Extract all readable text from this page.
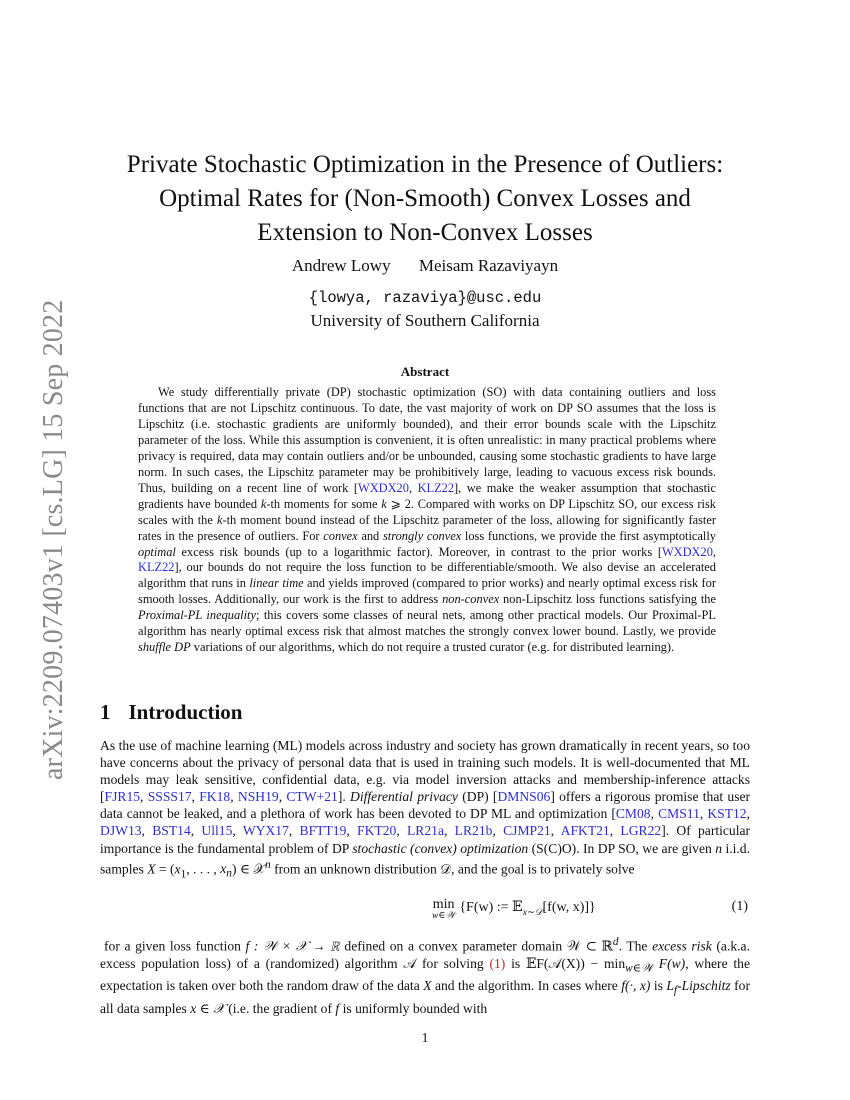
arXiv:2209.07403v1 [cs.LG] 15 Sep 2022
Private Stochastic Optimization in the Presence of Outliers:
Optimal Rates for (Non-Smooth) Convex Losses and
Extension to Non-Convex Losses
Andrew Lowy Meisam Razaviyayn
{lowya, razaviya}@usc.edu
University of Southern California
Abstract
We study differentially private (DP) stochastic optimization (SO) with data containing outliers and loss functions that are not Lipschitz continuous. To date, the vast majority of work on DP SO assumes that the loss is Lipschitz (i.e. stochastic gradients are uniformly bounded), and their error bounds scale with the Lipschitz parameter of the loss. While this assumption is convenient, it is often unrealistic: in many practical problems where privacy is required, data may contain outliers and/or be unbounded, causing some stochastic gradients to have large norm. In such cases, the Lipschitz parameter may be prohibitively large, leading to vacuous excess risk bounds. Thus, building on a recent line of work [WXDX20, KLZ22], we make the weaker assumption that stochastic gradients have bounded k-th moments for some k ⩾ 2. Compared with works on DP Lipschitz SO, our excess risk scales with the k-th moment bound instead of the Lipschitz parameter of the loss, allowing for significantly faster rates in the presence of outliers. For convex and strongly convex loss functions, we provide the first asymptotically optimal excess risk bounds (up to a logarithmic factor). Moreover, in contrast to the prior works [WXDX20, KLZ22], our bounds do not require the loss function to be differentiable/smooth. We also devise an accelerated algorithm that runs in linear time and yields improved (compared to prior works) and nearly optimal excess risk for smooth losses. Additionally, our work is the first to address non-convex non-Lipschitz loss functions satisfying the Proximal-PL inequality; this covers some classes of neural nets, among other practical models. Our Proximal-PL algorithm has nearly optimal excess risk that almost matches the strongly convex lower bound. Lastly, we provide shuffle DP variations of our algorithms, which do not require a trusted curator (e.g. for distributed learning).
1 Introduction
As the use of machine learning (ML) models across industry and society has grown dramatically in recent years, so too have concerns about the privacy of personal data that is used in training such models. It is well-documented that ML models may leak sensitive, confidential data, e.g. via model inversion attacks and membership-inference attacks [FJR15, SSSS17, FK18, NSH19, CTW+21]. Differential privacy (DP) [DMNS06] offers a rigorous promise that user data cannot be leaked, and a plethora of work has been devoted to DP ML and optimization [CM08, CMS11, KST12, DJW13, BST14, Ull15, WYX17, BFTT19, FKT20, LR21a, LR21b, CJMP21, AFKT21, LGR22]. Of particular importance is the fundamental problem of DP stochastic (convex) optimization (S(C)O). In DP SO, we are given n i.i.d. samples $X = (x_1$, . . . , $x_n$) ∈ 𝒳$^n$ from an unknown distribution 𝒟, and the goal is to privately solve
min
w∈𝒲
{F(w) := 𝔼$_{x\sim 𝒟}$[f(w, x)]}	(1)
for a given loss function f : 𝒲 × 𝒳 → ℝ defined on a convex parameter domain 𝒲 ⊂ ℝ$^d$. The excess risk (a.k.a. excess population loss) of a (randomized) algorithm 𝒜 for solving (1) is 𝔼F(𝒜(X)) − $\min_{w\in 𝒲} F(w)$, where the expectation is taken over both the random draw of the data X and the algorithm. In cases where f(·, x) is $L_f$-Lipschitz for all data samples x ∈ 𝒳 (i.e. the gradient of f is uniformly bounded with
1
